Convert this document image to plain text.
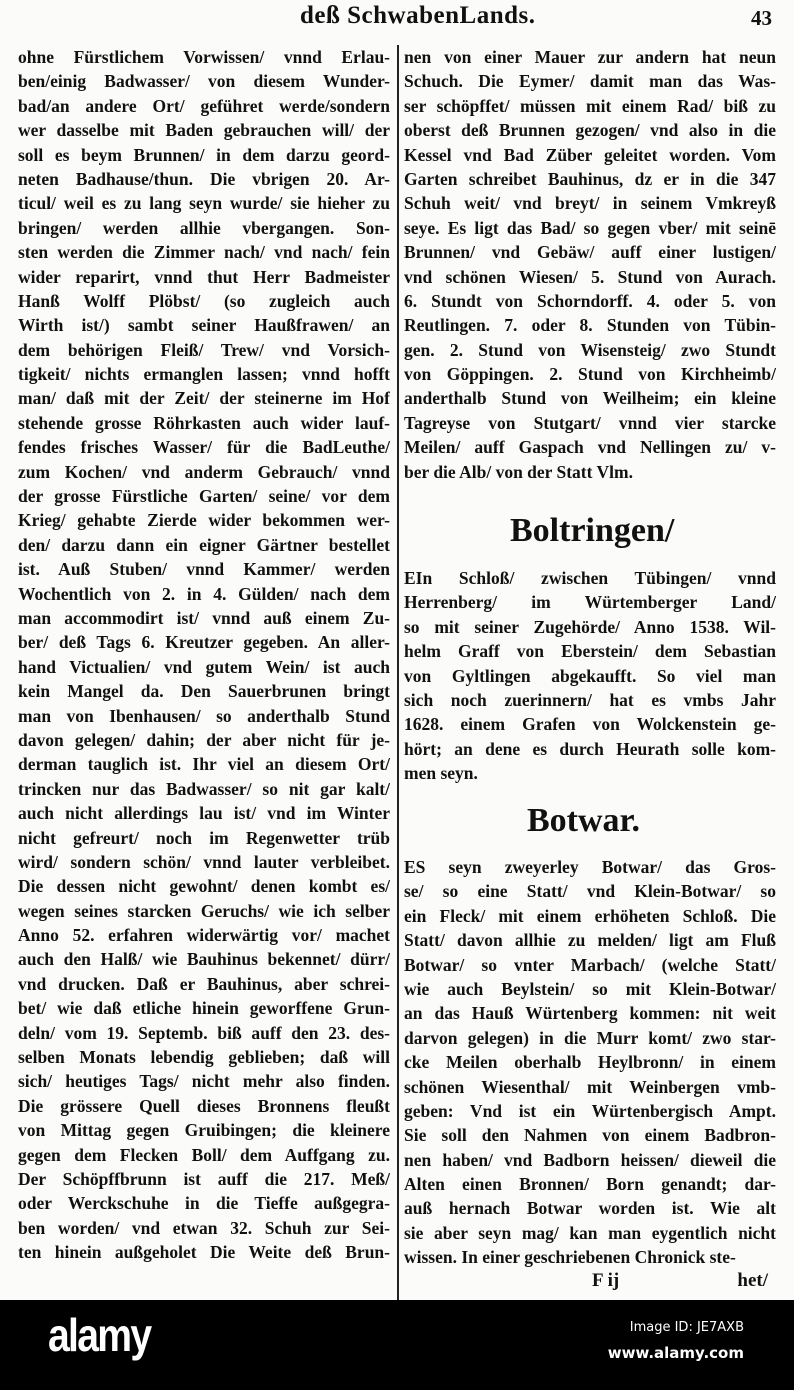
deß SchwabenLands.	43
ohne Fürstlichem Vorwissen/ vnnd Erlau-
ben/einig Badwasser/ von diesem Wunder-
bad/an andere Ort/ geführet werde/sondern
wer dasselbe mit Baden gebrauchen will/ der
soll es beym Brunnen/ in dem darzu geord-
neten Badhause/thun. Die vbrigen 20. Ar-
ticul/ weil es zu lang seyn wurde/ sie hieher zu
bringen/ werden allhie vbergangen. Son-
sten werden die Zimmer nach/ vnd nach/ fein
wider reparirt, vnnd thut Herr Badmeister
Hanß Wolff Plöbst/ (so zugleich auch
Wirth ist/) sambt seiner Haußfrawen/ an
dem behörigen Fleiß/ Trew/ vnd Vorsich-
tigkeit/ nichts ermanglen lassen; vnnd hofft
man/ daß mit der Zeit/ der steinerne im Hof
stehende grosse Röhrkasten auch wider lauf-
fendes frisches Wasser/ für die BadLeuthe/
zum Kochen/ vnd anderm Gebrauch/ vnnd
der grosse Fürstliche Garten/ seine/ vor dem
Krieg/ gehabte Zierde wider bekommen wer-
den/ darzu dann ein eigner Gärtner bestellet
ist. Auß Stuben/ vnnd Kammer/ werden
Wochentlich von 2. in 4. Gülden/ nach dem
man accommodirt ist/ vnnd auß einem Zu-
ber/ deß Tags 6. Kreutzer gegeben. An aller-
hand Victualien/ vnd gutem Wein/ ist auch
kein Mangel da. Den Sauerbrunen bringt
man von Ibenhausen/ so anderthalb Stund
davon gelegen/ dahin; der aber nicht für je-
derman tauglich ist. Ihr viel an diesem Ort/
trincken nur das Badwasser/ so nit gar kalt/
auch nicht allerdings lau ist/ vnd im Winter
nicht gefreurt/ noch im Regenwetter trüb
wird/ sondern schön/ vnnd lauter verbleibet.
Die dessen nicht gewohnt/ denen kombt es/
wegen seines starcken Geruchs/ wie ich selber
Anno 52. erfahren widerwärtig vor/ machet
auch den Halß/ wie Bauhinus bekennet/ dürr/
vnd drucken. Daß er Bauhinus, aber schrei-
bet/ wie daß etliche hinein geworffene Grun-
deln/ vom 19. Septemb. biß auff den 23. des-
selben Monats lebendig geblieben; daß will
sich/ heutiges Tags/ nicht mehr also finden.
Die grössere Quell dieses Bronnens fleußt
von Mittag gegen Gruibingen; die kleinere
gegen dem Flecken Boll/ dem Auffgang zu.
Der Schöpffbrunn ist auff die 217. Meß/
oder Werckschuhe in die Tieffe außgegra-
ben worden/ vnd etwan 32. Schuh zur Sei-
ten hinein außgeholet Die Weite deß Brun-
nen von einer Mauer zur andern hat neun
Schuch. Die Eymer/ damit man das Was-
ser schöpffet/ müssen mit einem Rad/ biß zu
oberst deß Brunnen gezogen/ vnd also in die
Kessel vnd Bad Züber geleitet worden. Vom
Garten schreibet Bauhinus, dz er in die 347
Schuh weit/ vnd breyt/ in seinem Vmkreyß
seye. Es ligt das Bad/ so gegen vber/ mit seinē
Brunnen/ vnd Gebäw/ auff einer lustigen/
vnd schönen Wiesen/ 5. Stund von Aurach.
6. Stundt von Schorndorff. 4. oder 5. von
Reutlingen. 7. oder 8. Stunden von Tübin-
gen. 2. Stund von Wisensteig/ zwo Stundt
von Göppingen. 2. Stund von Kirchheimb/
anderthalb Stund von Weilheim; ein kleine
Tagreyse von Stutgart/ vnnd vier starcke
Meilen/ auff Gaspach vnd Nellingen zu/ v-
ber die Alb/ von der Statt Vlm.
Boltringen/
EIn Schloß/ zwischen Tübingen/ vnnd
Herrenberg/ im Würtemberger Land/
so mit seiner Zugehörde/ Anno 1538. Wil-
helm Graff von Eberstein/ dem Sebastian
von Gyltlingen abgekaufft. So viel man
sich noch zuerinnern/ hat es vmbs Jahr
1628. einem Grafen von Wolckenstein ge-
hört; an dene es durch Heurath solle kom-
men seyn.
Botwar.
ES seyn zweyerley Botwar/ das Gros-
se/ so eine Statt/ vnd Klein-Botwar/ so
ein Fleck/ mit einem erhöheten Schloß. Die
Statt/ davon allhie zu melden/ ligt am Fluß
Botwar/ so vnter Marbach/ (welche Statt/
wie auch Beylstein/ so mit Klein-Botwar/
an das Hauß Würtenberg kommen: nit weit
darvon gelegen) in die Murr komt/ zwo star-
cke Meilen oberhalb Heylbronn/ in einem
schönen Wiesenthal/ mit Weinbergen vmb-
geben: Vnd ist ein Würtenbergisch Ampt.
Sie soll den Nahmen von einem Badbron-
nen haben/ vnd Badborn heissen/ dieweil die
Alten einen Bronnen/ Born genandt; dar-
auß hernach Botwar worden ist. Wie alt
sie aber seyn mag/ kan man eygentlich nicht
wissen. In einer geschriebenen Chronick ste-
F ij	het/
alamy	Image ID: JE7AXB
www.alamy.com
